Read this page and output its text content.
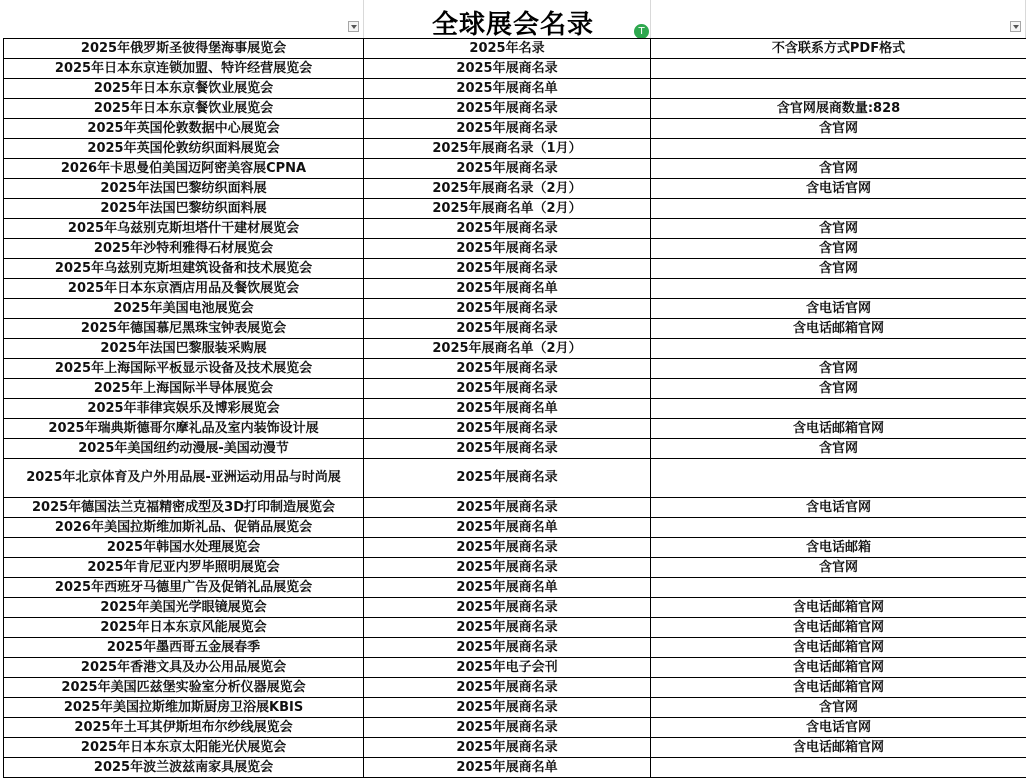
全球展会名录	T
2025年俄罗斯圣彼得堡海事展览会	2025年名录	不含联系方式PDF格式
2025年日本东京连锁加盟、特许经营展览会	2025年展商名录
2025年日本东京餐饮业展览会	2025年展商名单
2025年日本东京餐饮业展览会	2025年展商名录	含官网展商数量:828
2025年英国伦敦数据中心展览会	2025年展商名录	含官网
2025年英国伦敦纺织面料展览会	2025年展商名录（1月）
2026年卡思曼伯美国迈阿密美容展CPNA	2025年展商名录	含官网
2025年法国巴黎纺织面料展	2025年展商名录（2月）	含电话官网
2025年法国巴黎纺织面料展	2025年展商名单（2月）
2025年乌兹别克斯坦塔什干建材展览会	2025年展商名录	含官网
2025年沙特利雅得石材展览会	2025年展商名录	含官网
2025年乌兹别克斯坦建筑设备和技术展览会	2025年展商名录	含官网
2025年日本东京酒店用品及餐饮展览会	2025年展商名单
2025年美国电池展览会	2025年展商名录	含电话官网
2025年德国慕尼黑珠宝钟表展览会	2025年展商名录	含电话邮箱官网
2025年法国巴黎服装采购展	2025年展商名单（2月）
2025年上海国际平板显示设备及技术展览会	2025年展商名录	含官网
2025年上海国际半导体展览会	2025年展商名录	含官网
2025年菲律宾娱乐及博彩展览会	2025年展商名单
2025年瑞典斯德哥尔摩礼品及室内装饰设计展	2025年展商名录	含电话邮箱官网
2025年美国纽约动漫展-美国动漫节	2025年展商名录	含官网
2025年北京体育及户外用品展-亚洲运动用品与时尚展	2025年展商名录
2025年德国法兰克福精密成型及3D打印制造展览会	2025年展商名录	含电话官网
2026年美国拉斯维加斯礼品、促销品展览会	2025年展商名单
2025年韩国水处理展览会	2025年展商名录	含电话邮箱
2025年肯尼亚内罗毕照明展览会	2025年展商名录	含官网
2025年西班牙马德里广告及促销礼品展览会	2025年展商名单
2025年美国光学眼镜展览会	2025年展商名录	含电话邮箱官网
2025年日本东京风能展览会	2025年展商名录	含电话邮箱官网
2025年墨西哥五金展春季	2025年展商名录	含电话邮箱官网
2025年香港文具及办公用品展览会	2025年电子会刊	含电话邮箱官网
2025年美国匹兹堡实验室分析仪器展览会	2025年展商名录	含电话邮箱官网
2025年美国拉斯维加斯厨房卫浴展KBIS	2025年展商名录	含官网
2025年土耳其伊斯坦布尔纱线展览会	2025年展商名录	含电话官网
2025年日本东京太阳能光伏展览会	2025年展商名录	含电话邮箱官网
2025年波兰波兹南家具展览会	2025年展商名单
